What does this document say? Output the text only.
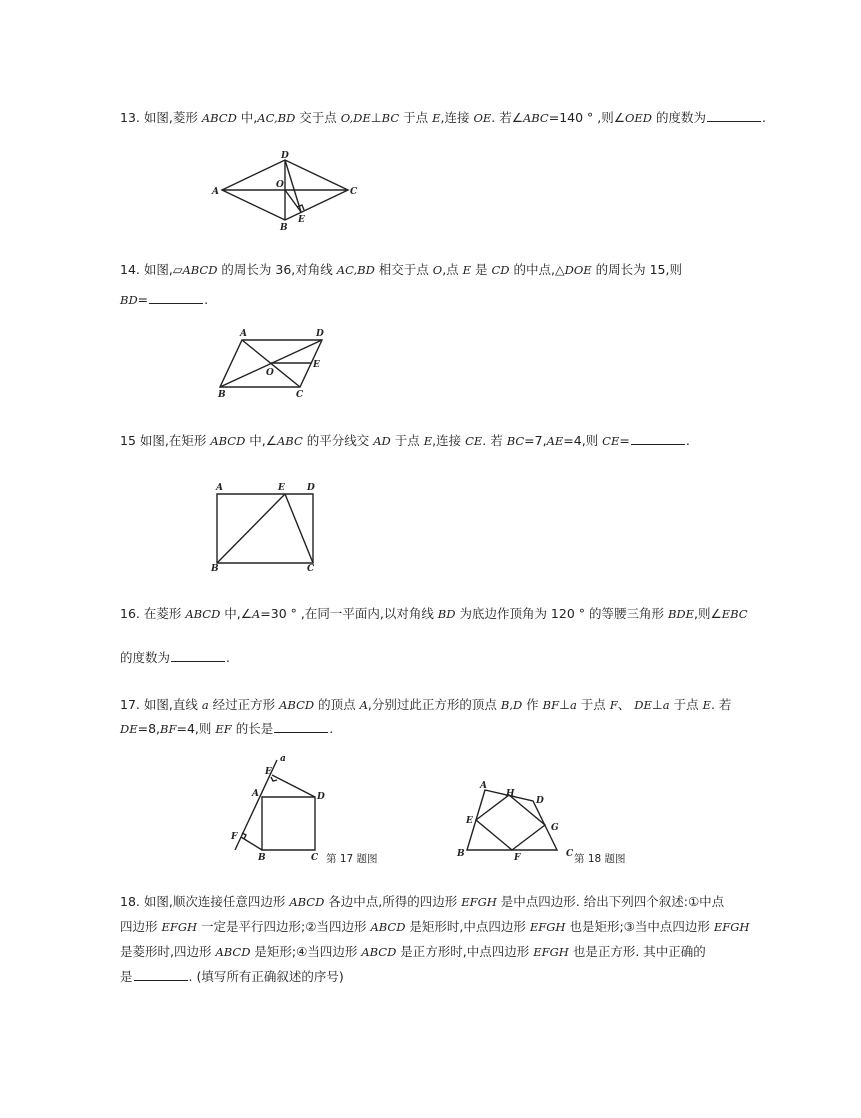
13. 如图,菱形 ABCD 中,AC,BD 交于点 O,DE⊥BC 于点 E,连接 OE. 若∠ABC=140 ° ,则∠OED 的度数为	.
A
B
C
D
O
E
14. 如图,▱ABCD 的周长为 36,对角线 AC,BD 相交于点 O,点 E 是 CD 的中点,△DOE 的周长为 15,则
BD=	.
A
B	C
D
O
E
15 如图,在矩形 ABCD 中,∠ABC 的平分线交 AD 于点 E,连接 CE. 若 BC=7,AE=4,则 CE=	.
A
B	C
D
E
16. 在菱形 ABCD 中,∠A=30 ° ,在同一平面内,以对角线 BD 为底边作顶角为 120 ° 的等腰三角形 BDE,则∠EBC
的度数为	.
17. 如图,直线 a 经过正方形 ABCD 的顶点 A,分别过此正方形的顶点 B,D 作 BF⊥a 于点 F、 DE⊥a 于点 E. 若
DE=8,BF=4,则 EF 的长是	.
a
E
A	D
F
B	C 第 17 题图
A
H
D
E
G
B	F	C 第 18 题图
18. 如图,顺次连接任意四边形 ABCD 各边中点,所得的四边形 EFGH 是中点四边形. 给出下列四个叙述:①中点
四边形 EFGH 一定是平行四边形;②当四边形 ABCD 是矩形时,中点四边形 EFGH 也是矩形;③当中点四边形 EFGH
是菱形时,四边形 ABCD 是矩形;④当四边形 ABCD 是正方形时,中点四边形 EFGH 也是正方形. 其中正确的
是	. (填写所有正确叙述的序号)
